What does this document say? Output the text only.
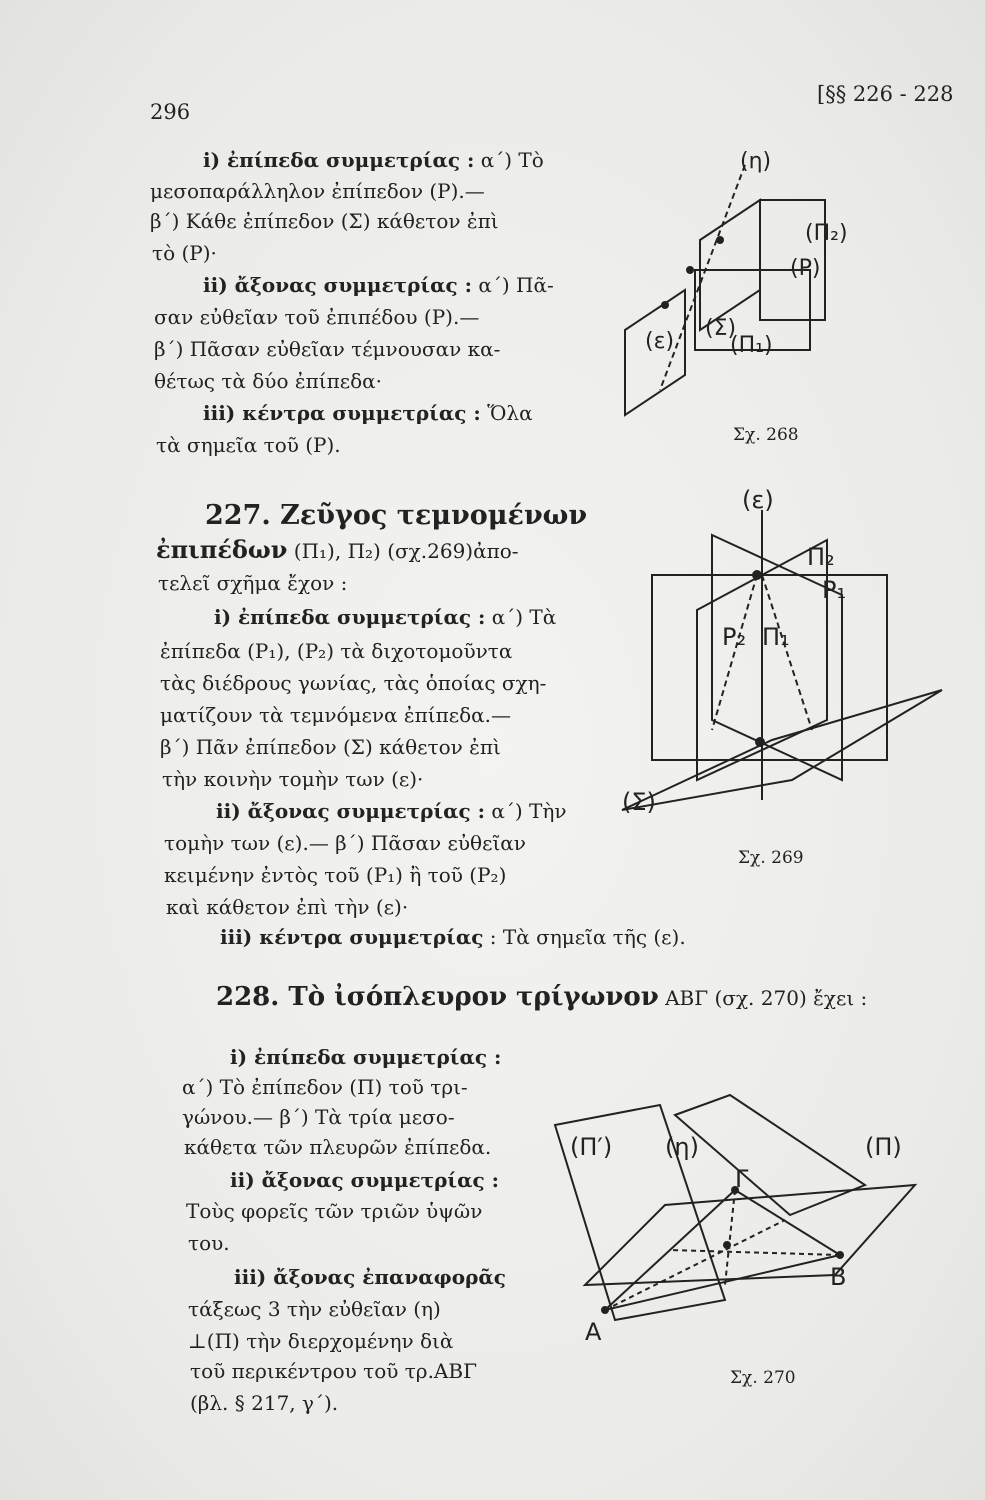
296
[§§ 226 - 228
i) ἐπίπεδα συμμετρίας : α΄) Τὸ
μεσοπαράλληλον ἐπίπεδον (Ρ).—
β΄) Κάθε ἐπίπεδον (Σ) κάθετον ἐπὶ
τὸ (Ρ)·
ii) ἄξονας συμμετρίας : α΄) Πᾶ-
σαν εὐθεῖαν τοῦ ἐπιπέδου (Ρ).—
β΄) Πᾶσαν εὐθεῖαν τέμνουσαν κα-
θέτως τὰ δύο ἐπίπεδα·
iii) κέντρα συμμετρίας : Ὅλα
τὰ σημεῖα τοῦ (Ρ).
227. Ζεῦγος τεμνομένων
ἐπιπέδων (Π₁), Π₂) (σχ.269)ἀπο-
τελεῖ σχῆμα ἔχον :
i) ἐπίπεδα συμμετρίας : α΄) Τὰ
ἐπίπεδα (Ρ₁), (Ρ₂) τὰ διχοτομοῦντα
τὰς διέδρους γωνίας, τὰς ὁποίας σχη-
ματίζουν τὰ τεμνόμενα ἐπίπεδα.—
β΄) Πᾶν ἐπίπεδον (Σ) κάθετον ἐπὶ
τὴν κοινὴν τομὴν των (ε)·
ii) ἄξονας συμμετρίας : α΄) Τὴν
τομὴν των (ε).— β΄) Πᾶσαν εὐθεῖαν
κειμένην ἐντὸς τοῦ (Ρ₁) ἢ τοῦ (Ρ₂)
καὶ κάθετον ἐπὶ τὴν (ε)·
iii) κέντρα συμμετρίας : Τὰ σημεῖα τῆς (ε).
228. Τὸ ἰσόπλευρον τρίγωνον ΑΒΓ (σχ. 270) ἔχει :
i) ἐπίπεδα συμμετρίας :
α΄) Τὸ ἐπίπεδον (Π) τοῦ τρι-
γώνου.— β΄) Τὰ τρία μεσο-
κάθετα τῶν πλευρῶν ἐπίπεδα.
ii) ἄξονας συμμετρίας :
Τοὺς φορεῖς τῶν τριῶν ὑψῶν
του.
iii) ἄξονας ἐπαναφορᾶς
τάξεως 3 τὴν εὐθεῖαν (η)
⊥(Π) τὴν διερχομένην διὰ
τοῦ περικέντρου τοῦ τρ.ΑΒΓ
(βλ. § 217, γ΄).
(η)
(Π₂)
(Ρ)
(ε)
(Σ)
(Π₁)
Σχ. 268
(ε)
Π₂
Ρ₁
Ρ₂ Π₁
(Σ)
Σχ. 269
(Π′) (η)	(Π)
Γ
Β
Α
Σχ. 270
